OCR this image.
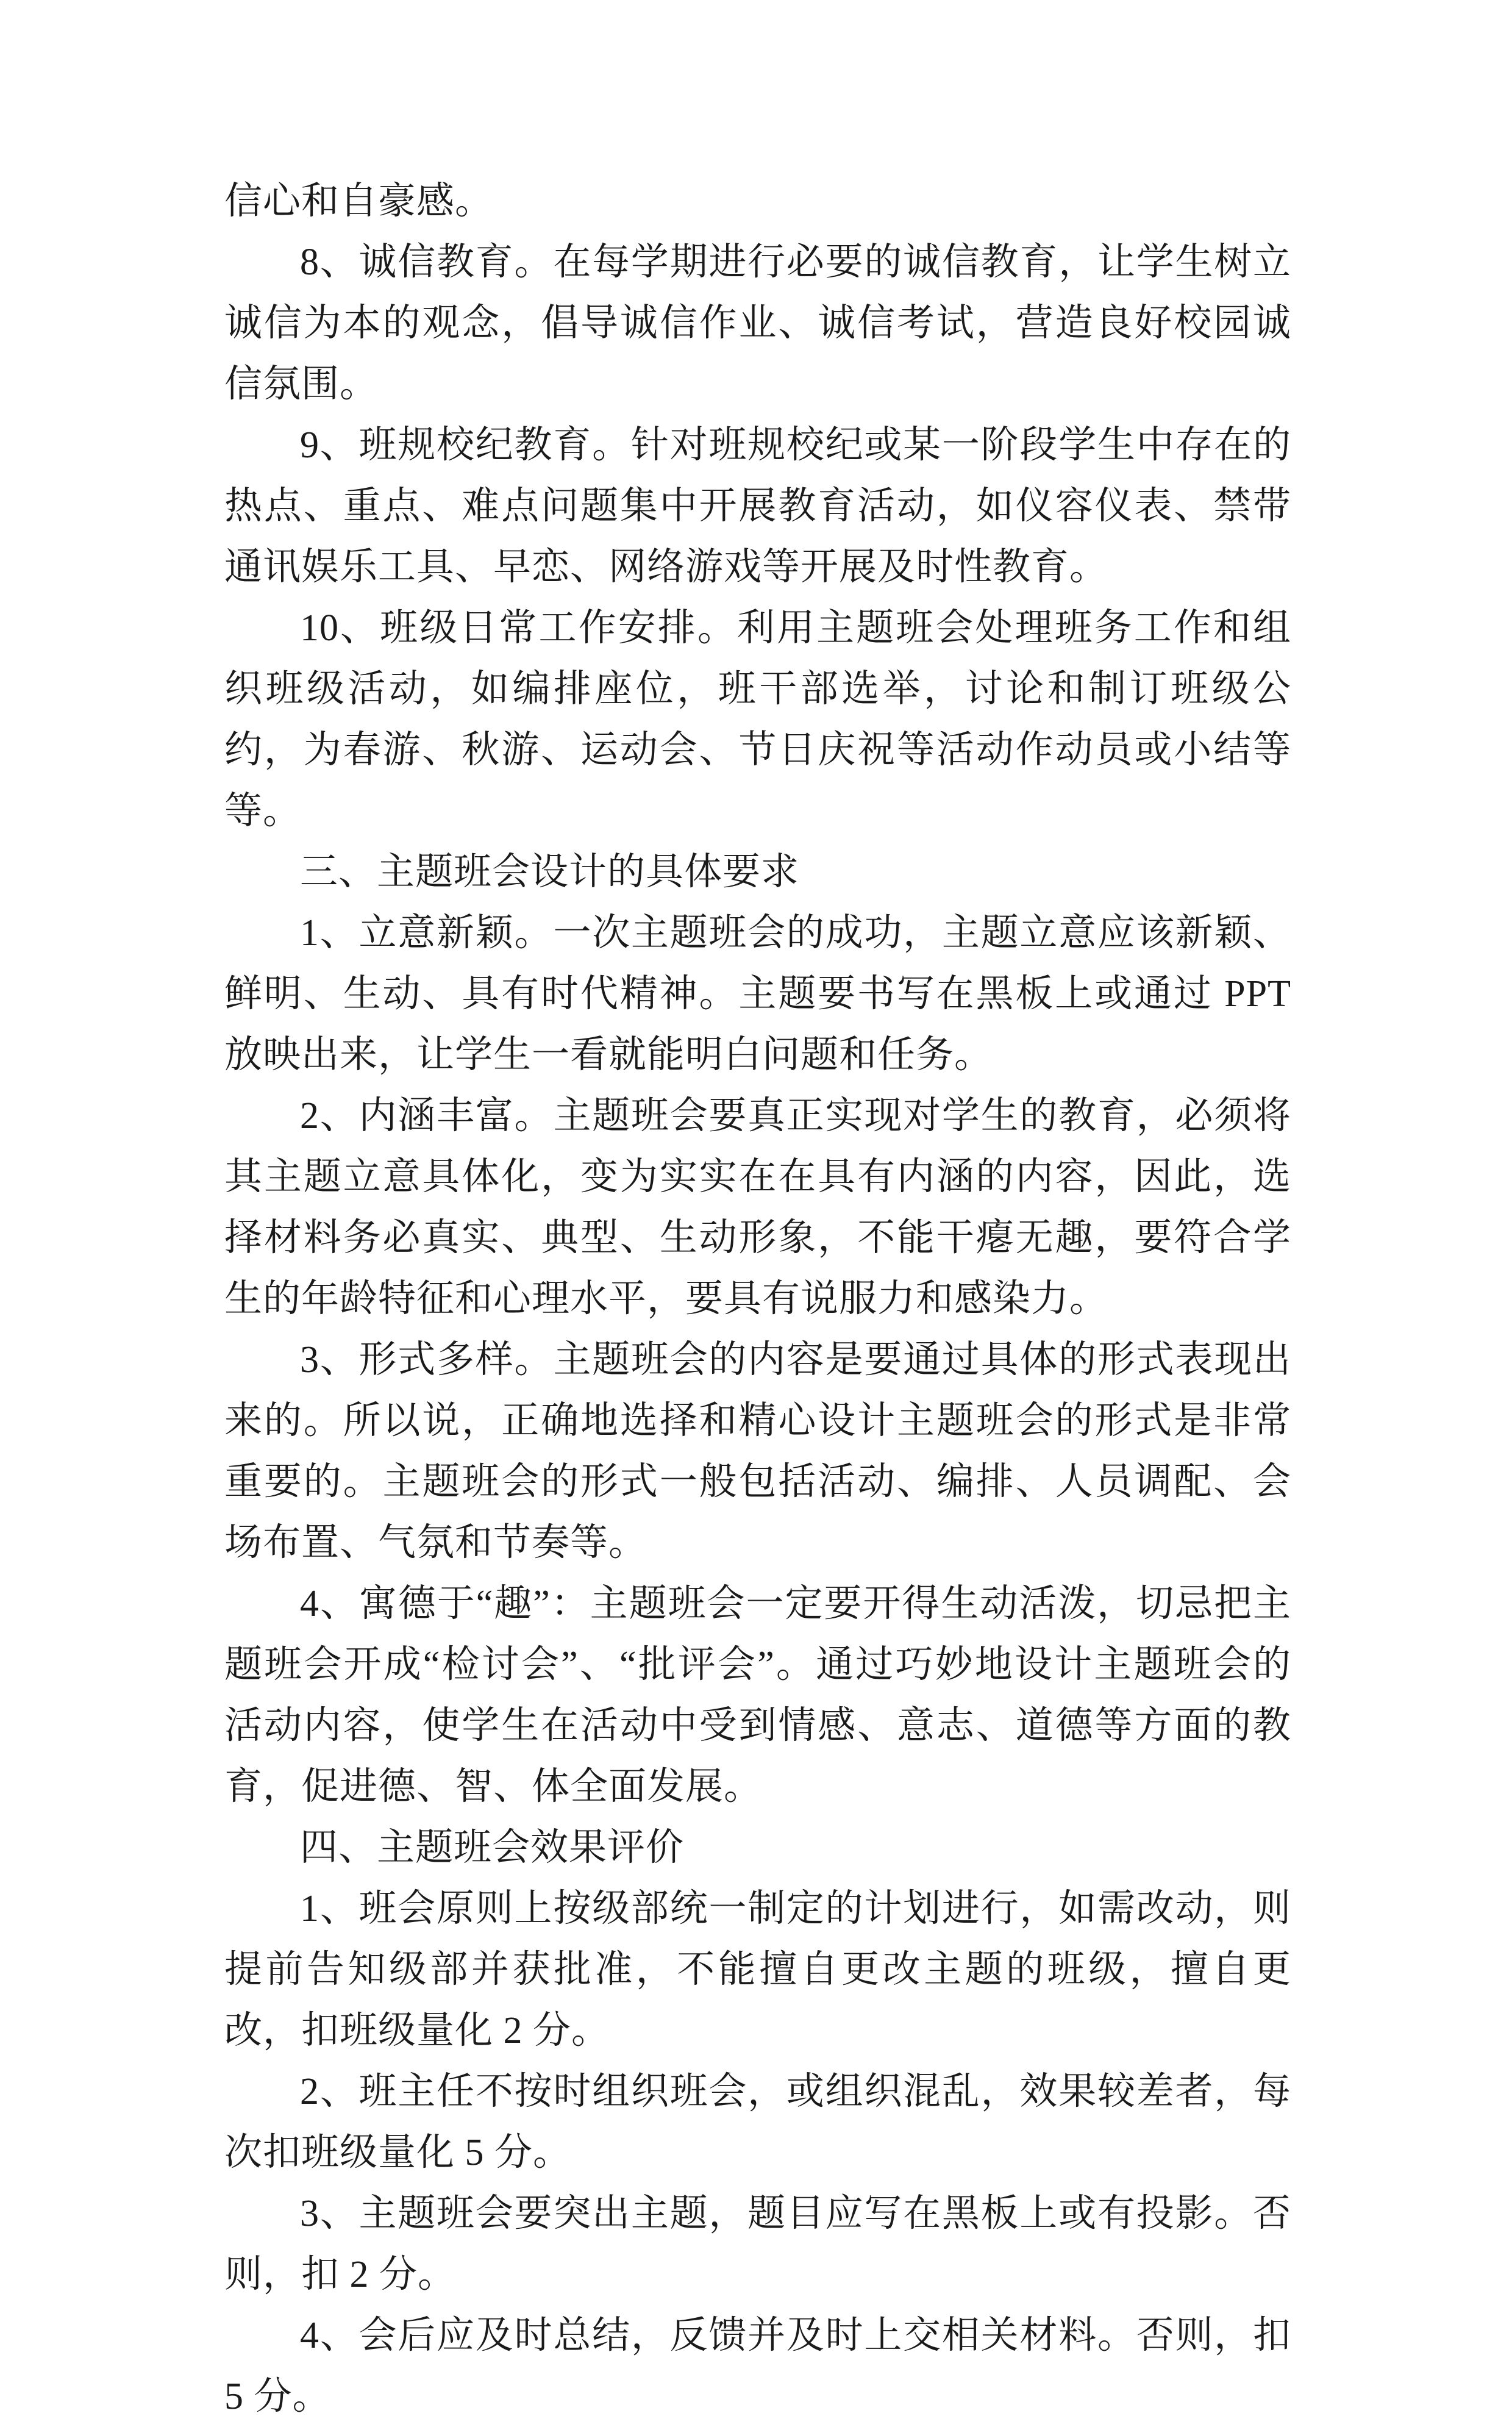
信心和自豪感。

8、诚信教育。在每学期进行必要的诚信教育，让学生树立诚信为本的观念，倡导诚信作业、诚信考试，营造良好校园诚信氛围。

9、班规校纪教育。针对班规校纪或某一阶段学生中存在的热点、重点、难点问题集中开展教育活动，如仪容仪表、禁带通讯娱乐工具、早恋、网络游戏等开展及时性教育。

10、班级日常工作安排。利用主题班会处理班务工作和组织班级活动，如编排座位，班干部选举，讨论和制订班级公约，为春游、秋游、运动会、节日庆祝等活动作动员或小结等等。

三、主题班会设计的具体要求

1、立意新颖。一次主题班会的成功，主题立意应该新颖、鲜明、生动、具有时代精神。主题要书写在黑板上或通过 PPT 放映出来，让学生一看就能明白问题和任务。

2、内涵丰富。主题班会要真正实现对学生的教育，必须将其主题立意具体化，变为实实在在具有内涵的内容，因此，选择材料务必真实、典型、生动形象，不能干瘪无趣，要符合学生的年龄特征和心理水平，要具有说服力和感染力。

3、形式多样。主题班会的内容是要通过具体的形式表现出来的。所以说，正确地选择和精心设计主题班会的形式是非常重要的。主题班会的形式一般包括活动、编排、人员调配、会场布置、气氛和节奏等。

4、寓德于“趣”：主题班会一定要开得生动活泼，切忌把主题班会开成“检讨会”、“批评会”。通过巧妙地设计主题班会的活动内容，使学生在活动中受到情感、意志、道德等方面的教育，促进德、智、体全面发展。

四、主题班会效果评价

1、班会原则上按级部统一制定的计划进行，如需改动，则提前告知级部并获批准，不能擅自更改主题的班级，擅自更改，扣班级量化 2 分。

2、班主任不按时组织班会，或组织混乱，效果较差者，每次扣班级量化 5 分。

3、主题班会要突出主题，题目应写在黑板上或有投影。否则，扣 2 分。

4、会后应及时总结，反馈并及时上交相关材料。否则，扣 5 分。
